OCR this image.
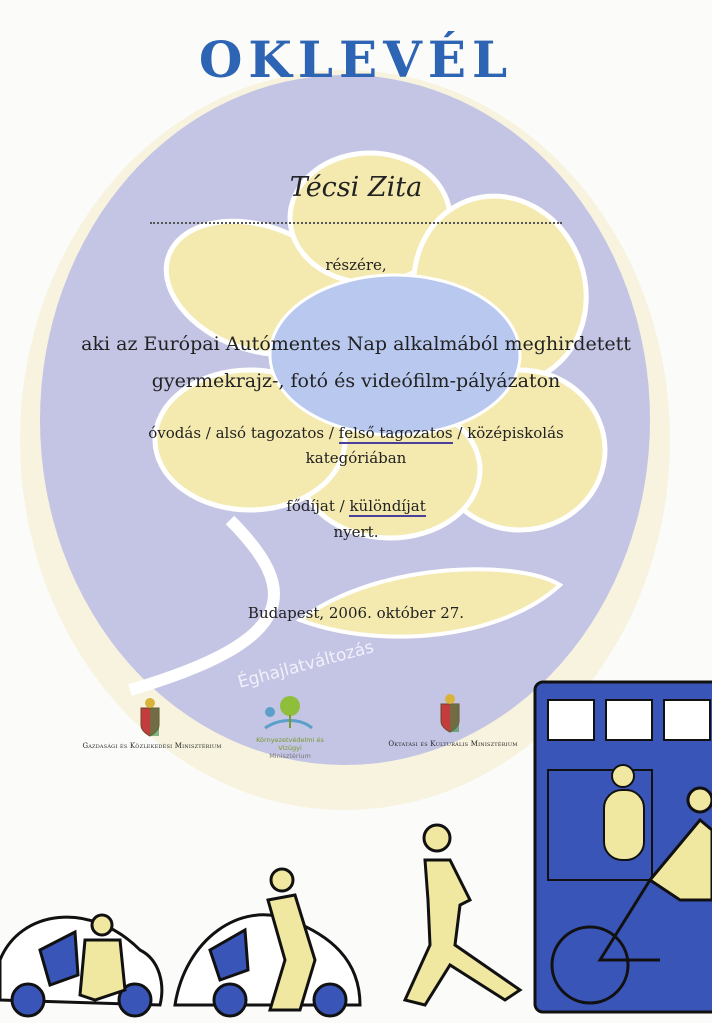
OKLEVÉL
Técsi Zita
részére,
aki az Európai Autómentes Nap alkalmából meghirdetett
gyermekrajz-, fotó és videófilm-pályázaton
óvodás / alsó tagozatos / felső tagozatos / középiskolás
kategóriában
fődíjat / különdíjat
nyert.
Budapest, 2006. október 27.
Éghajlatváltozás
Gazdasági és Közlekedési Minisztérium
Környezetvédelmi és Vízügyi
Minisztérium
Oktatási és Kulturális Minisztérium
